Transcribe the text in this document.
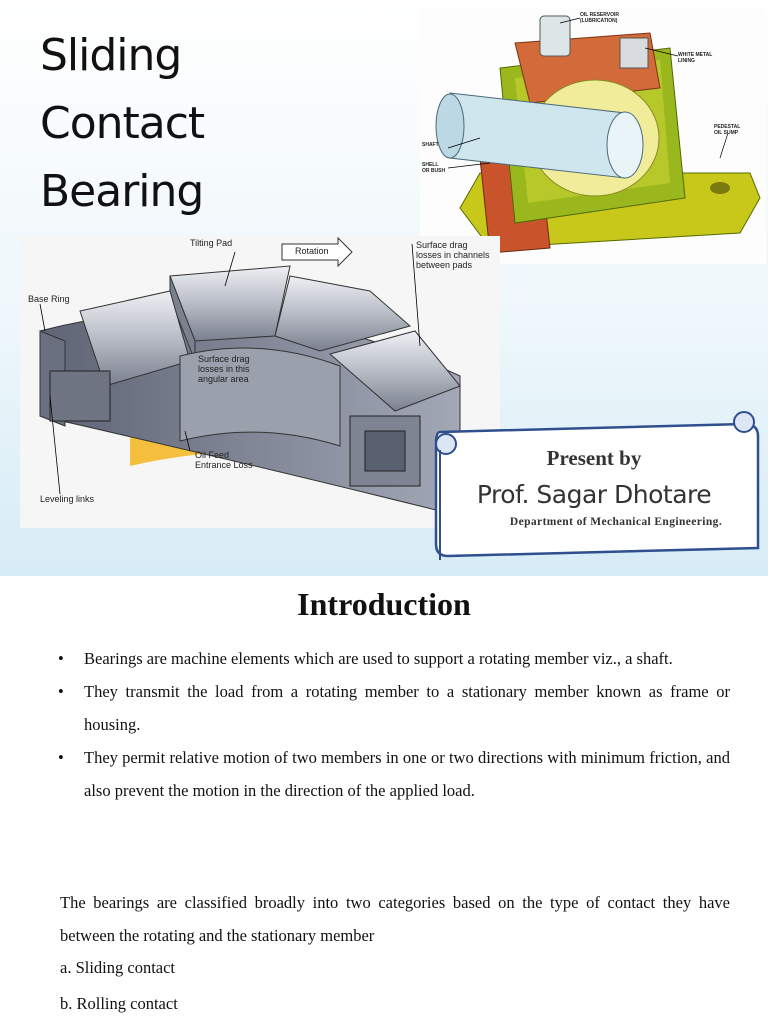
Sliding
Contact
Bearing
OIL RESERVOIR
(LUBRICATION)
WHITE METAL
LINING
PEDESTAL
OIL SUMP
SHAFT
SHELL
OR BUSH
Tilting Pad
Rotation
Surface drag
losses in channels
between pads
Base Ring
Surface drag
losses in this
angular area
Oil Feed
Entrance Loss
Leveling links
Present by
Prof. Sagar Dhotare
Department of Mechanical Engineering.
Introduction
• Bearings are machine elements which are used to support a rotating member viz., a shaft.
• They transmit the load from a rotating member to a stationary member known as frame or housing.
• They permit relative motion of two members in one or two directions with minimum friction, and also prevent the motion in the direction of the applied load.

The bearings are classified broadly into two categories based on the type of contact they have between the rotating and the stationary member

a. Sliding contact
b. Rolling contact
